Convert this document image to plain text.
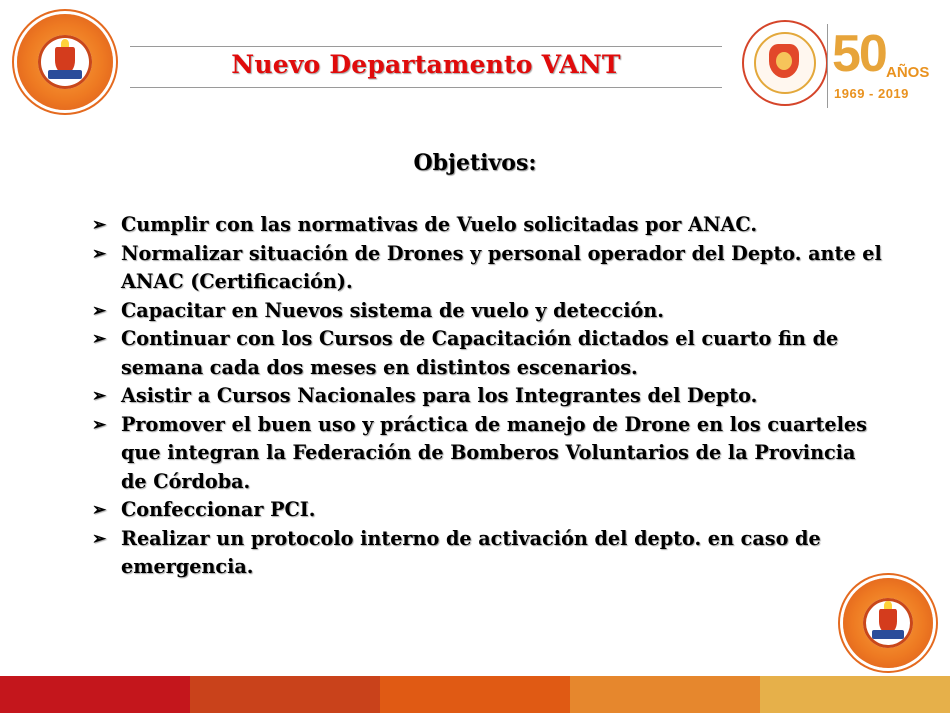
Nuevo Departamento VANT	50 AÑOS
1969 - 2019
Objetivos:
➢ Cumplir con las normativas de Vuelo solicitadas por ANAC.
➢ Normalizar situación de Drones y personal operador del Depto. ante el ANAC (Certificación).
➢ Capacitar en Nuevos sistema de vuelo y detección.
➢ Continuar con los Cursos de Capacitación dictados el cuarto fin de semana cada dos meses en distintos escenarios.
➢ Asistir a Cursos Nacionales para los Integrantes del Depto.
➢ Promover el buen uso y práctica de manejo de Drone en los cuarteles que integran la Federación de Bomberos Voluntarios de la Provincia de Córdoba.
➢ Confeccionar PCI.
➢ Realizar un protocolo interno de activación del depto. en caso de emergencia.
